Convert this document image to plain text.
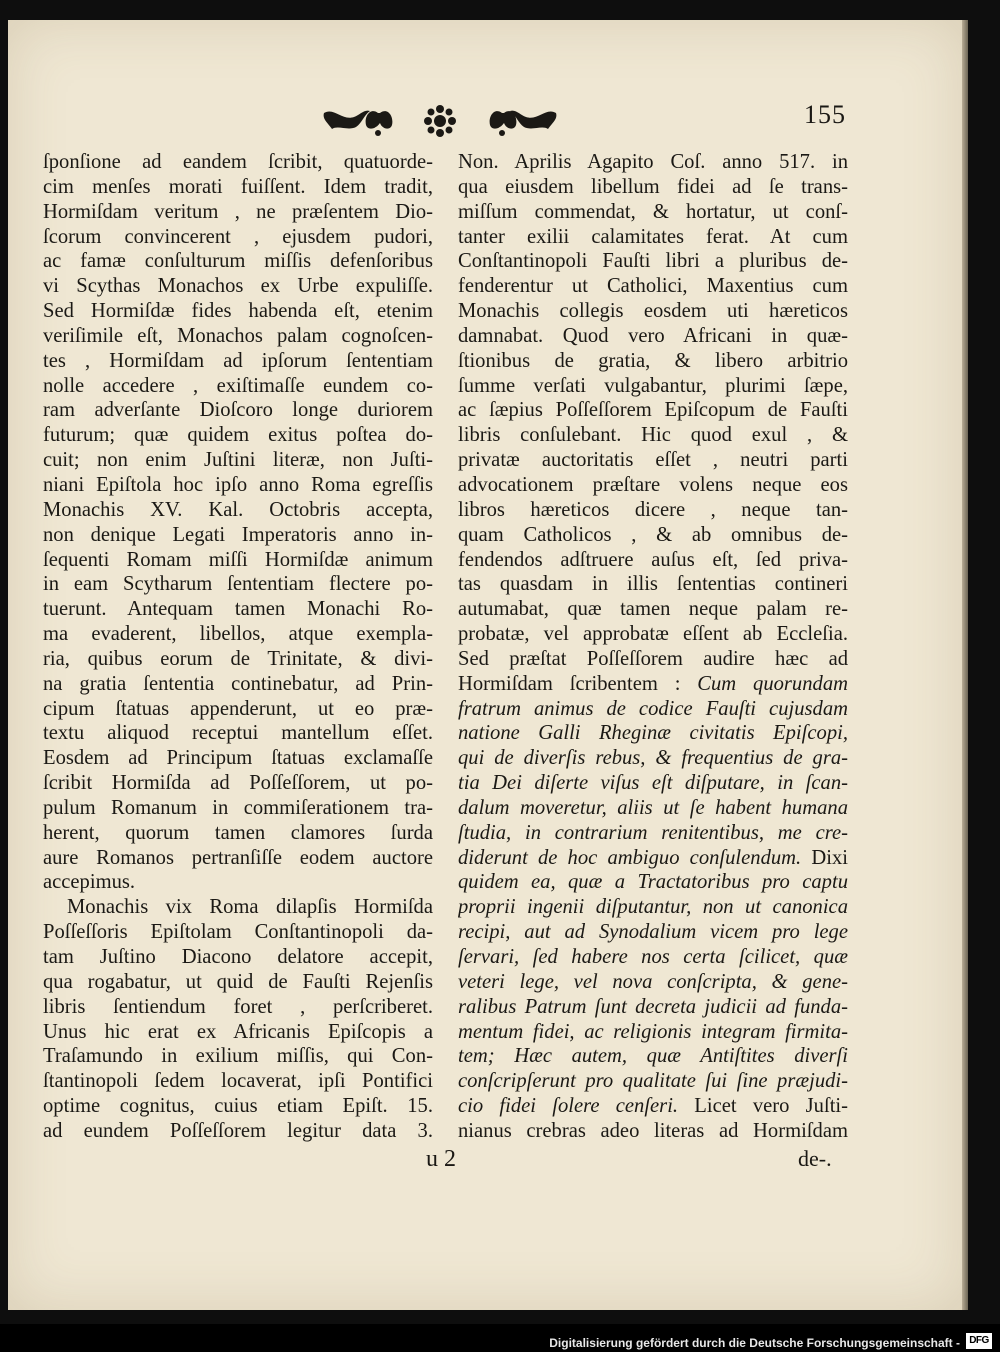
155
ſponſione ad eandem ſcribit, quatuorde-
cim menſes morati fuiſſent. Idem tradit,
Hormiſdam veritum , ne præſentem Dio-
ſcorum convincerent , ejusdem pudori,
ac famæ conſulturum miſſis defenſoribus
vi Scythas Monachos ex Urbe expuliſſe.
Sed Hormiſdæ fides habenda eſt, etenim
veriſimile eſt, Monachos palam cognoſcen-
tes , Hormiſdam ad ipſorum ſententiam
nolle accedere , exiſtimaſſe eundem co-
ram adverſante Dioſcoro longe duriorem
futurum; quæ quidem exitus poſtea do-
cuit; non enim Juſtini literæ, non Juſti-
niani Epiſtola hoc ipſo anno Roma egreſſis
Monachis XV. Kal. Octobris accepta,
non denique Legati Imperatoris anno in-
ſequenti Romam miſſi Hormiſdæ animum
in eam Scytharum ſententiam flectere po-
tuerunt. Antequam tamen Monachi Ro-
ma evaderent, libellos, atque exempla-
ria, quibus eorum de Trinitate, & divi-
na gratia ſententia continebatur, ad Prin-
cipum ſtatuas appenderunt, ut eo præ-
textu aliquod receptui mantellum eſſet.
Eosdem ad Principum ſtatuas exclamaſſe
ſcribit Hormiſda ad Poſſeſſorem, ut po-
pulum Romanum in commiſerationem tra-
herent, quorum tamen clamores ſurda
aure Romanos pertranſiſſe eodem auctore
accepimus.
Monachis vix Roma dilapſis Hormiſda
Poſſeſſoris Epiſtolam Conſtantinopoli da-
tam Juſtino Diacono delatore accepit,
qua rogabatur, ut quid de Fauſti Rejenſis
libris ſentiendum foret , perſcriberet.
Unus hic erat ex Africanis Epiſcopis a
Traſamundo in exilium miſſis, qui Con-
ſtantinopoli ſedem locaverat, ipſi Pontifici
optime cognitus, cuius etiam Epiſt. 15.
ad eundem Poſſeſſorem legitur data 3.
Non. Aprilis Agapito Coſ. anno 517. in
qua eiusdem libellum fidei ad ſe trans-
miſſum commendat, & hortatur, ut conſ-
tanter exilii calamitates ferat. At cum
Conſtantinopoli Fauſti libri a pluribus de-
fenderentur ut Catholici, Maxentius cum
Monachis collegis eosdem uti hæreticos
damnabat. Quod vero Africani in quæ-
ſtionibus de gratia, & libero arbitrio
ſumme verſati vulgabantur, plurimi ſæpe,
ac ſæpius Poſſeſſorem Epiſcopum de Fauſti
libris conſulebant. Hic quod exul , &
privatæ auctoritatis eſſet , neutri parti
advocationem præſtare volens neque eos
libros hæreticos dicere , neque tan-
quam Catholicos , & ab omnibus de-
fendendos adſtruere auſus eſt, ſed priva-
tas quasdam in illis ſententias contineri
autumabat, quæ tamen neque palam re-
probatæ, vel approbatæ eſſent ab Eccleſia.
Sed præſtat Poſſeſſorem audire hæc ad
Hormiſdam ſcribentem : Cum quorundam
fratrum animus de codice Fauſti cujusdam
natione Galli Rheginæ civitatis Epiſcopi,
qui de diverſis rebus, & frequentius de gra-
tia Dei diſerte viſus eſt diſputare, in ſcan-
dalum moveretur, aliis ut ſe habent humana
ſtudia, in contrarium renitentibus, me cre-
diderunt de hoc ambiguo conſulendum. Dixi
quidem ea, quæ a Tractatoribus pro captu
proprii ingenii diſputantur, non ut canonica
recipi, aut ad Synodalium vicem pro lege
ſervari, ſed habere nos certa ſcilicet, quæ
veteri lege, vel nova conſcripta, & gene-
ralibus Patrum ſunt decreta judicii ad funda-
mentum fidei, ac religionis integram firmita-
tem; Hæc autem, quæ Antiſtites diverſi
conſcripſerunt pro qualitate ſui ſine præjudi-
cio fidei ſolere cenſeri. Licet vero Juſti-
nianus crebras adeo literas ad Hormiſdam
u 2	de-.
Digitalisierung gefördert durch die Deutsche Forschungsgemeinschaft - DFG
